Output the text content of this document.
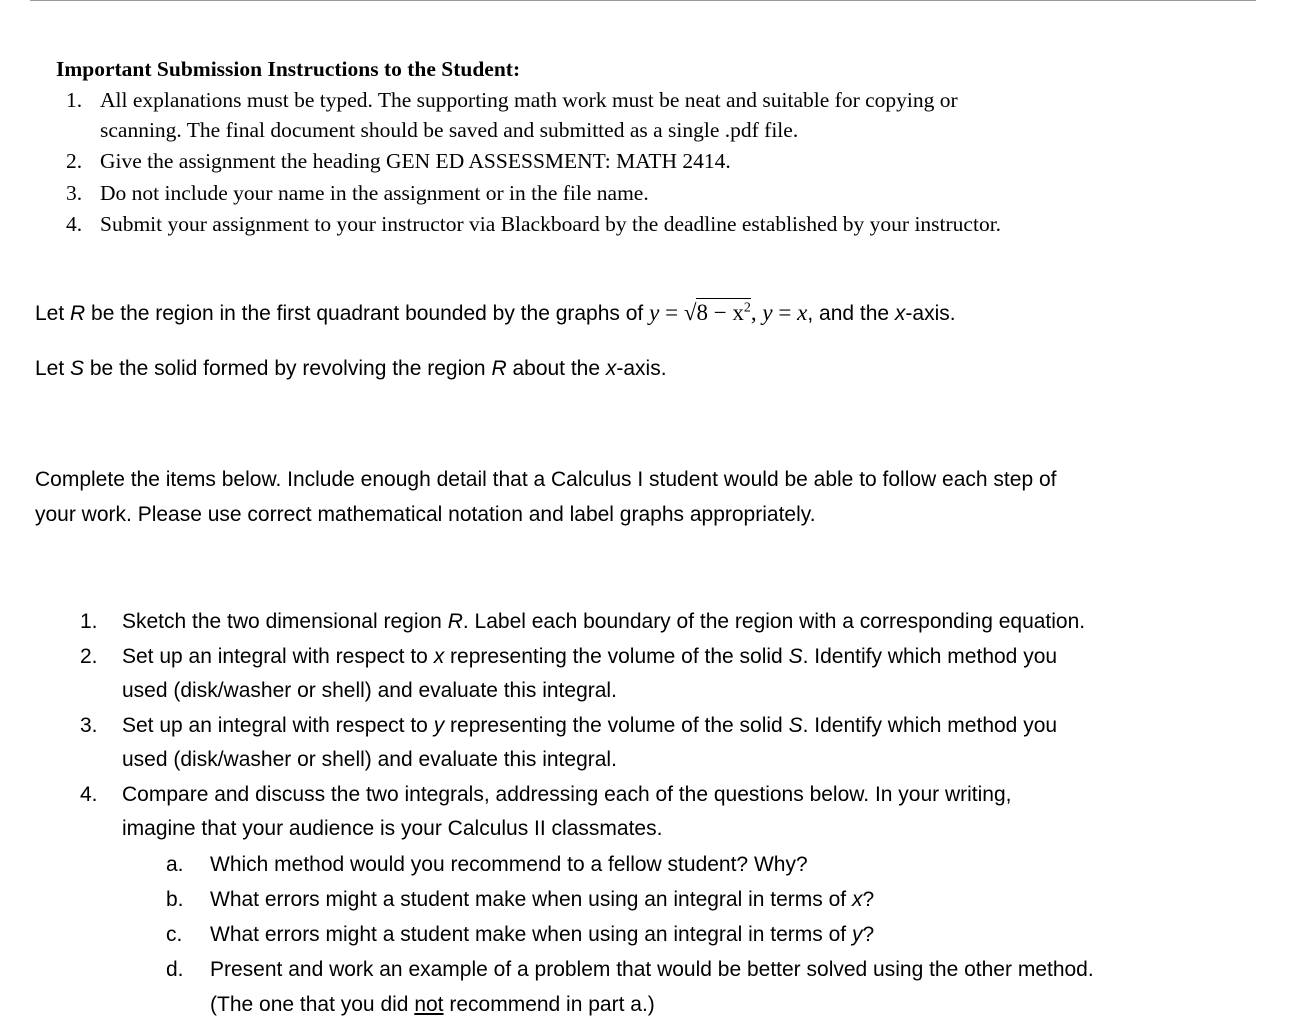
Important Submission Instructions to the Student:
1. All explanations must be typed. The supporting math work must be neat and suitable for copying or
scanning. The final document should be saved and submitted as a single .pdf file.
2. Give the assignment the heading GEN ED ASSESSMENT: MATH 2414.
3. Do not include your name in the assignment or in the file name.
4. Submit your assignment to your instructor via Blackboard by the deadline established by your instructor.
Let R be the region in the first quadrant bounded by the graphs of $y = √8 - x^2$, y = x, and the x-axis.
Let S be the solid formed by revolving the region R about the x-axis.
Complete the items below. Include enough detail that a Calculus I student would be able to follow each step of
your work. Please use correct mathematical notation and label graphs appropriately.
1. Sketch the two dimensional region R. Label each boundary of the region with a corresponding equation.
2. Set up an integral with respect to x representing the volume of the solid S. Identify which method you
used (disk/washer or shell) and evaluate this integral.
3. Set up an integral with respect to y representing the volume of the solid S. Identify which method you
used (disk/washer or shell) and evaluate this integral.
4. Compare and discuss the two integrals, addressing each of the questions below. In your writing,
imagine that your audience is your Calculus II classmates.
a. Which method would you recommend to a fellow student? Why?
b. What errors might a student make when using an integral in terms of x?
c. What errors might a student make when using an integral in terms of y?
d. Present and work an example of a problem that would be better solved using the other method.
(The one that you did not recommend in part a.)
